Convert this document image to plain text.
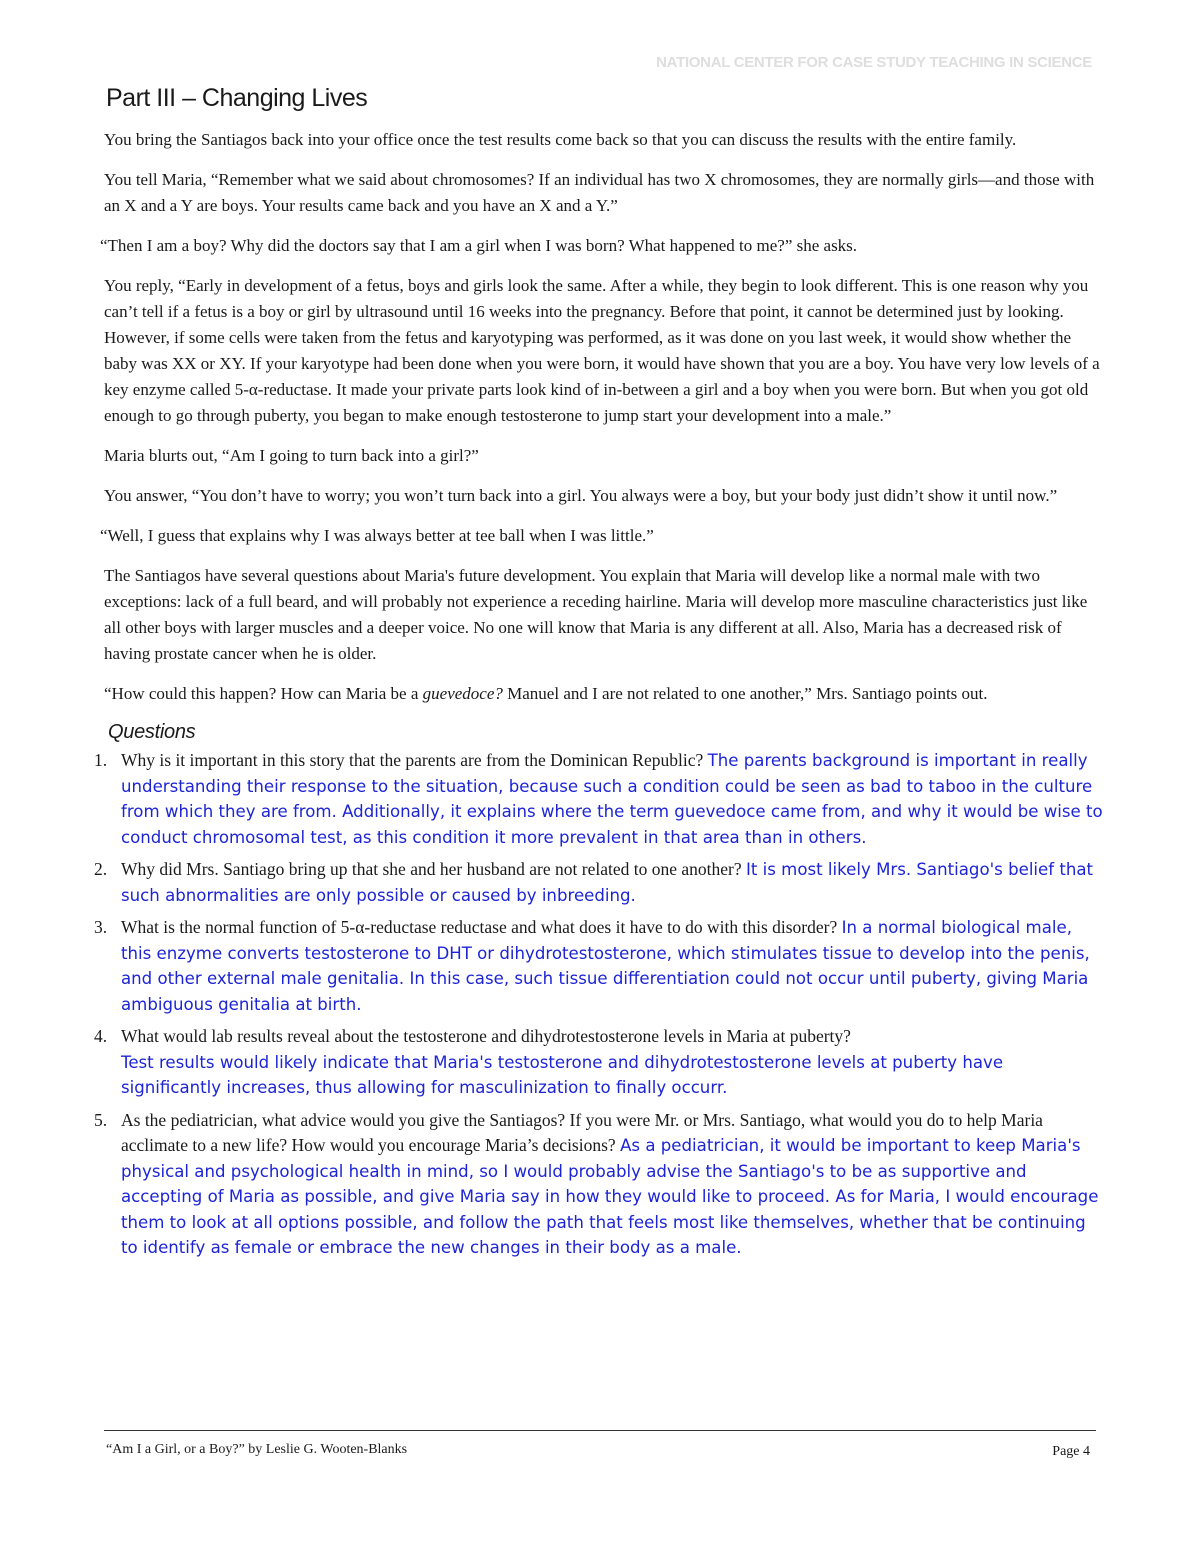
NATIONAL CENTER FOR CASE STUDY TEACHING IN SCIENCE
Part III – Changing Lives

You bring the Santiagos back into your office once the test results come back so that you can discuss the results with the entire family.

You tell Maria, “Remember what we said about chromosomes? If an individual has two X chromosomes, they are normally girls—and those with an X and a Y are boys. Your results came back and you have an X and a Y.”

“Then I am a boy? Why did the doctors say that I am a girl when I was born? What happened to me?” she asks.

You reply, “Early in development of a fetus, boys and girls look the same. After a while, they begin to look different. This is one reason why you can’t tell if a fetus is a boy or girl by ultrasound until 16 weeks into the pregnancy. Before that point, it cannot be determined just by looking. However, if some cells were taken from the fetus and karyotyping was performed, as it was done on you last week, it would show whether the baby was XX or XY. If your karyotype had been done when you were born, it would have shown that you are a boy. You have very low levels of a key enzyme called 5-α-reductase. It made your private parts look kind of in-between a girl and a boy when you were born. But when you got old enough to go through puberty, you began to make enough testosterone to jump start your development into a male.”

Maria blurts out, “Am I going to turn back into a girl?”

You answer, “You don’t have to worry; you won’t turn back into a girl. You always were a boy, but your body just didn’t show it until now.”

“Well, I guess that explains why I was always better at tee ball when I was little.”

The Santiagos have several questions about Maria's future development. You explain that Maria will develop like a normal male with two exceptions: lack of a full beard, and will probably not experience a receding hairline. Maria will develop more masculine characteristics just like all other boys with larger muscles and a deeper voice. No one will know that Maria is any different at all. Also, Maria has a decreased risk of having prostate cancer when he is older.

“How could this happen? How can Maria be a guevedoce? Manuel and I are not related to one another,” Mrs. Santiago points out.

Questions
1. Why is it important in this story that the parents are from the Dominican Republic? The parents background is important in really understanding their response to the situation, because such a condition could be seen as bad to taboo in the culture from which they are from. Additionally, it explains where the term guevedoce came from, and why it would be wise to conduct chromosomal test, as this condition it more prevalent in that area than in others.
2. Why did Mrs. Santiago bring up that she and her husband are not related to one another? It is most likely Mrs. Santiago's belief that such abnormalities are only possible or caused by inbreeding.
3. What is the normal function of 5-α-reductase reductase and what does it have to do with this disorder? In a normal biological male, this enzyme converts testosterone to DHT or dihydrotestosterone, which stimulates tissue to develop into the penis, and other external male genitalia. In this case, such tissue differentiation could not occur until puberty, giving Maria ambiguous genitalia at birth.
4. What would lab results reveal about the testosterone and dihydrotestosterone levels in Maria at puberty?
Test results would likely indicate that Maria's testosterone and dihydrotestosterone levels at puberty have significantly increases, thus allowing for masculinization to finally occurr.
5. As the pediatrician, what advice would you give the Santiagos? If you were Mr. or Mrs. Santiago, what would you do to help Maria acclimate to a new life? How would you encourage Maria’s decisions? As a pediatrician, it would be important to keep Maria's physical and psychological health in mind, so I would probably advise the Santiago's to be as supportive and accepting of Maria as possible, and give Maria say in how they would like to proceed. As for Maria, I would encourage them to look at all options possible, and follow the path that feels most like themselves, whether that be continuing to identify as female or embrace the new changes in their body as a male.
“Am I a Girl, or a Boy?” by Leslie G. Wooten-Blanks	Page 4
